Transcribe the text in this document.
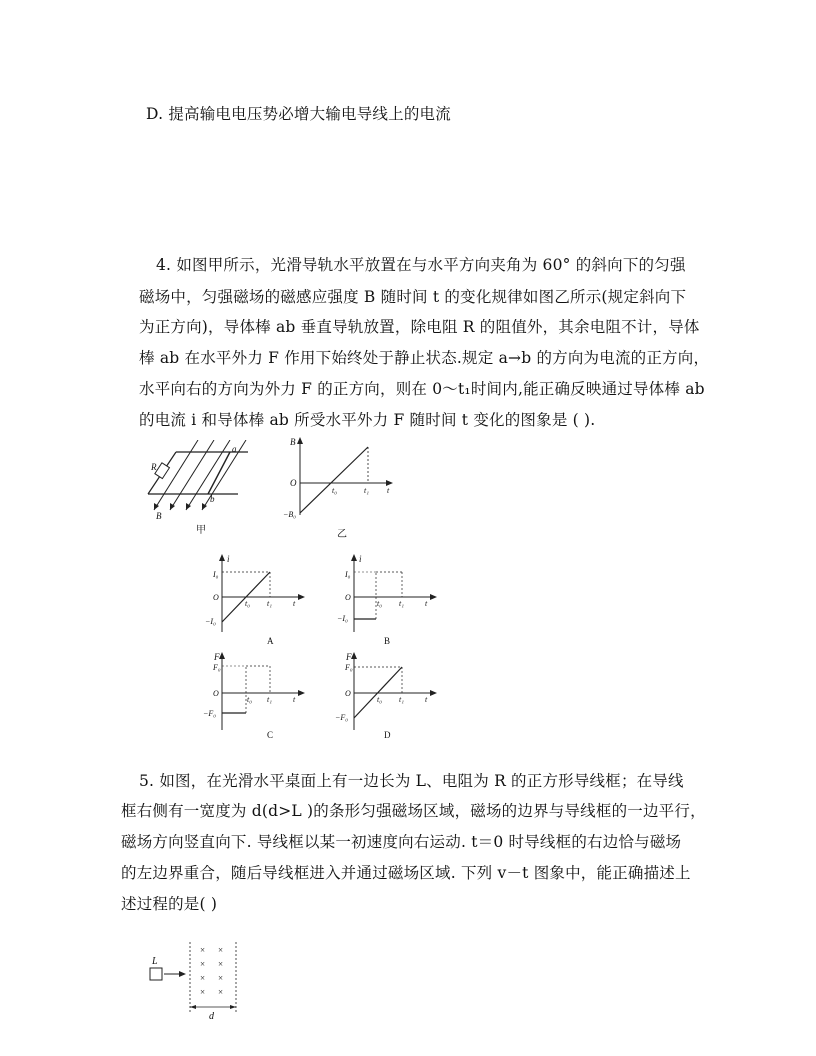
D. 提高输电电压势必增大输电导线上的电流
4. 如图甲所示，光滑导轨水平放置在与水平方向夹角为 60° 的斜向下的匀强
磁场中，匀强磁场的磁感应强度 B 随时间 t 的变化规律如图乙所示(规定斜向下
为正方向)，导体棒 ab 垂直导轨放置，除电阻 R 的阻值外，其余电阻不计，导体
棒 ab 在水平外力 F 作用下始终处于静止状态.规定 a→b 的方向为电流的正方向，
水平向右的方向为外力 F 的正方向，则在 0～t₁时间内,能正确反映通过导体棒 ab
的电流 i 和导体棒 ab 所受水平外力 F 随时间 t 变化的图象是 ( ).
R
a
b
B
甲
B
O
t₀	t₁ t
−B₀
乙
i
I₀
O
t₀ t₁	t
−I₀
A
i
I₀
O
t₀ t₁	t
−I₀
B
F
F₀
O
t₀ t₁	t
−F₀
C
F
F₀
O
t₀ t₁	t
−F₀
D
5. 如图，在光滑水平桌面上有一边长为 L、电阻为 R 的正方形导线框；在导线
框右侧有一宽度为 d(d>L )的条形匀强磁场区域，磁场的边界与导线框的一边平行，
磁场方向竖直向下. 导线框以某一初速度向右运动. t＝0 时导线框的右边恰与磁场
的左边界重合，随后导线框进入并通过磁场区域. 下列 v－t 图象中，能正确描述上
述过程的是( )
L
d
× ×
× ×
× ×
× ×
